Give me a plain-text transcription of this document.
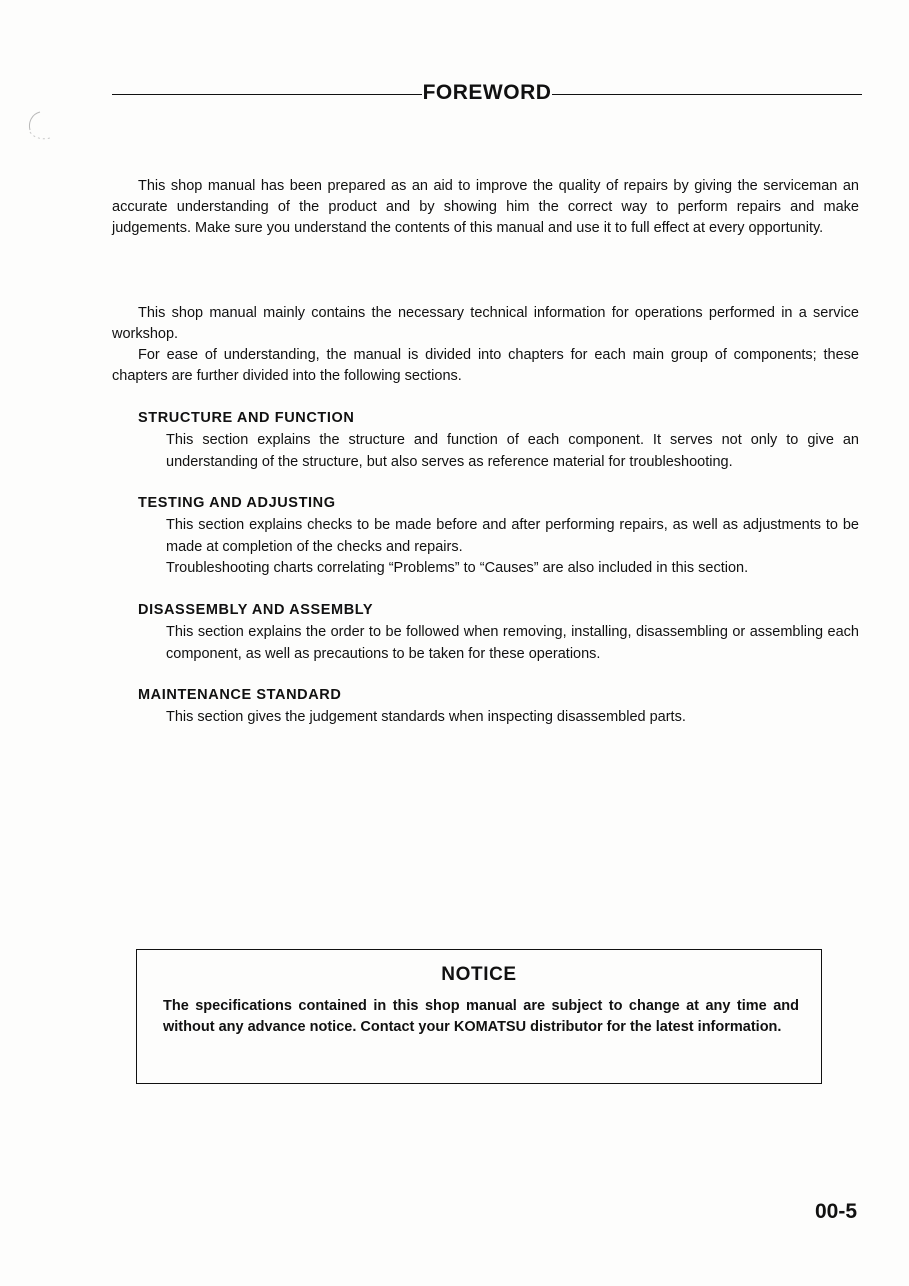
FOREWORD

This shop manual has been prepared as an aid to improve the quality of repairs by giving the serviceman an accurate understanding of the product and by showing him the correct way to perform repairs and make judgements. Make sure you understand the contents of this manual and use it to full effect at every opportunity.

This shop manual mainly contains the necessary technical information for operations performed in a service workshop.

For ease of understanding, the manual is divided into chapters for each main group of components; these chapters are further divided into the following sections.

STRUCTURE AND FUNCTION

This section explains the structure and function of each component. It serves not only to give an understanding of the structure, but also serves as reference material for troubleshooting.

TESTING AND ADJUSTING

This section explains checks to be made before and after performing repairs, as well as adjustments to be made at completion of the checks and repairs.

Troubleshooting charts correlating “Problems” to “Causes” are also included in this section.

DISASSEMBLY AND ASSEMBLY

This section explains the order to be followed when removing, installing, disassembling or assembling each component, as well as precautions to be taken for these operations.

MAINTENANCE STANDARD

This section gives the judgement standards when inspecting disassembled parts.

NOTICE

The specifications contained in this shop manual are subject to change at any time and without any advance notice. Contact your KOMATSU distributor for the latest information.

00-5
